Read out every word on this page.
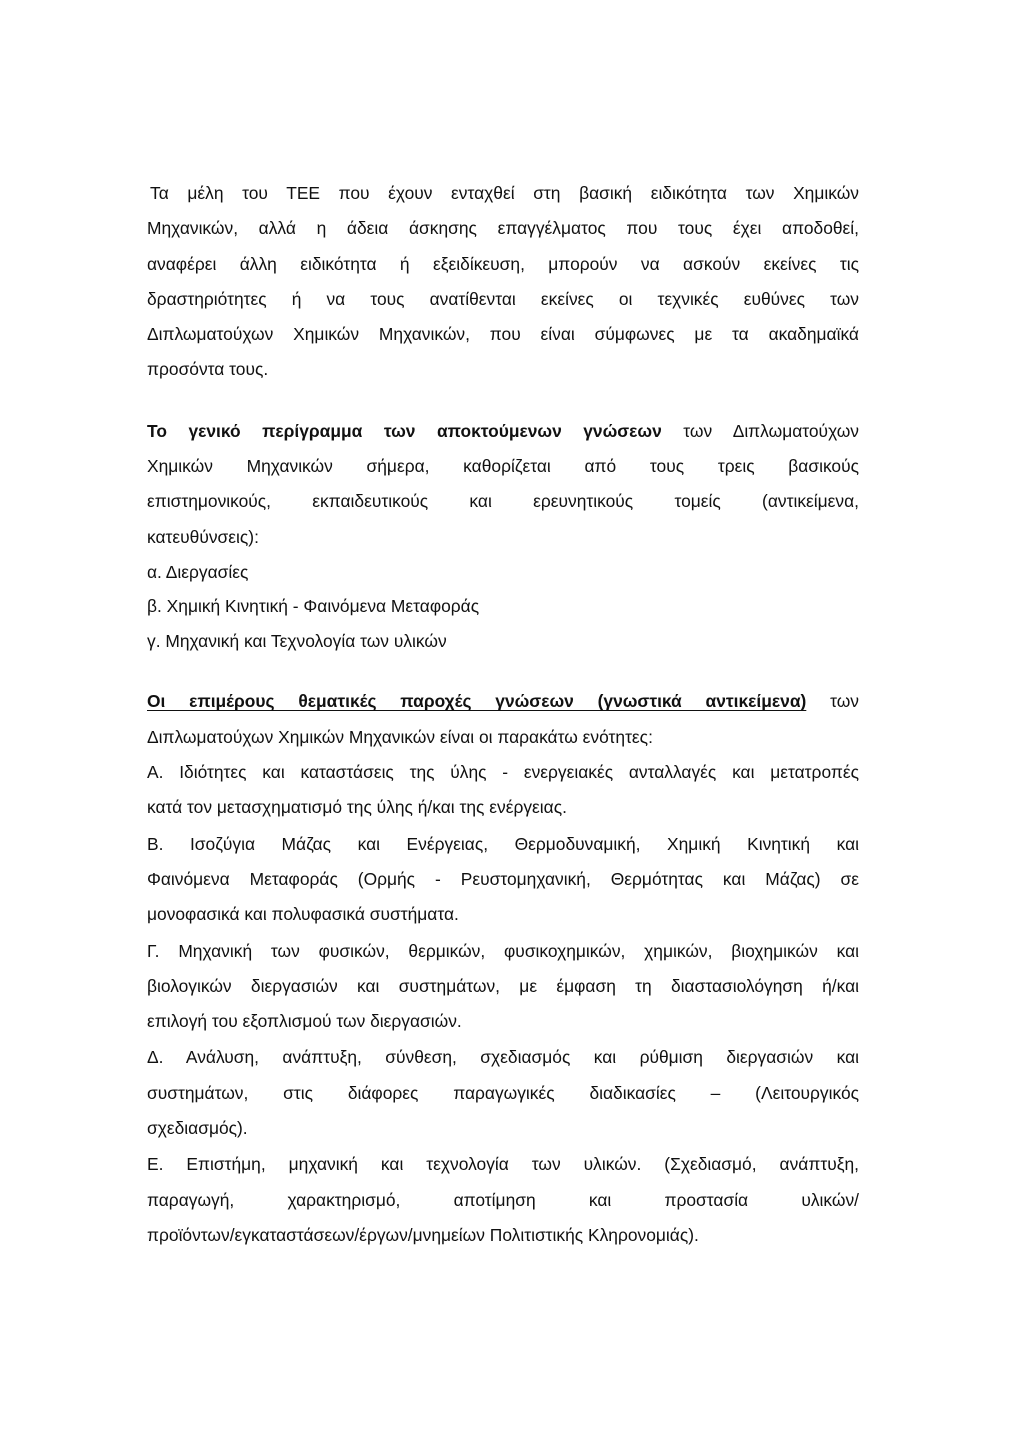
Τα μέλη του ΤΕΕ που έχουν ενταχθεί στη βασική ειδικότητα των Χημικών
Μηχανικών, αλλά η άδεια άσκησης επαγγέλματος που τους έχει αποδοθεί,
αναφέρει άλλη ειδικότητα ή εξειδίκευση, μπορούν να ασκούν εκείνες τις
δραστηριότητες ή να τους ανατίθενται εκείνες οι τεχνικές ευθύνες των
Διπλωματούχων Χημικών Μηχανικών, που είναι σύμφωνες με τα ακαδημαϊκά
προσόντα τους.
Το γενικό περίγραμμα των αποκτούμενων γνώσεων των Διπλωματούχων
Χημικών Μηχανικών σήμερα, καθορίζεται από τους τρεις βασικούς
επιστημονικούς, εκπαιδευτικούς και ερευνητικούς τομείς (αντικείμενα,
κατευθύνσεις):
α. Διεργασίες
β. Χημική Κινητική - Φαινόμενα Μεταφοράς
γ. Μηχανική και Τεχνολογία των υλικών
Οι επιμέρους θεματικές παροχές γνώσεων (γνωστικά αντικείμενα) των
Διπλωματούχων Χημικών Μηχανικών είναι οι παρακάτω ενότητες:
Α. Ιδιότητες και καταστάσεις της ύλης - ενεργειακές ανταλλαγές και μετατροπές
κατά τον μετασχηματισμό της ύλης ή/και της ενέργειας.
Β. Ισοζύγια Μάζας και Ενέργειας, Θερμοδυναμική, Χημική Κινητική και
Φαινόμενα Μεταφοράς (Ορμής - Ρευστομηχανική, Θερμότητας και Μάζας) σε
μονοφασικά και πολυφασικά συστήματα.
Γ. Μηχανική των φυσικών, θερμικών, φυσικοχημικών, χημικών, βιοχημικών και
βιολογικών διεργασιών και συστημάτων, με έμφαση τη διαστασιολόγηση ή/και
επιλογή του εξοπλισμού των διεργασιών.
Δ. Ανάλυση, ανάπτυξη, σύνθεση, σχεδιασμός και ρύθμιση διεργασιών και
συστημάτων, στις διάφορες παραγωγικές διαδικασίες – (Λειτουργικός
σχεδιασμός).
Ε. Επιστήμη, μηχανική και τεχνολογία των υλικών. (Σχεδιασμό, ανάπτυξη,
παραγωγή, χαρακτηρισμό, αποτίμηση και προστασία υλικών/
προϊόντων/εγκαταστάσεων/έργων/μνημείων Πολιτιστικής Κληρονομιάς).
